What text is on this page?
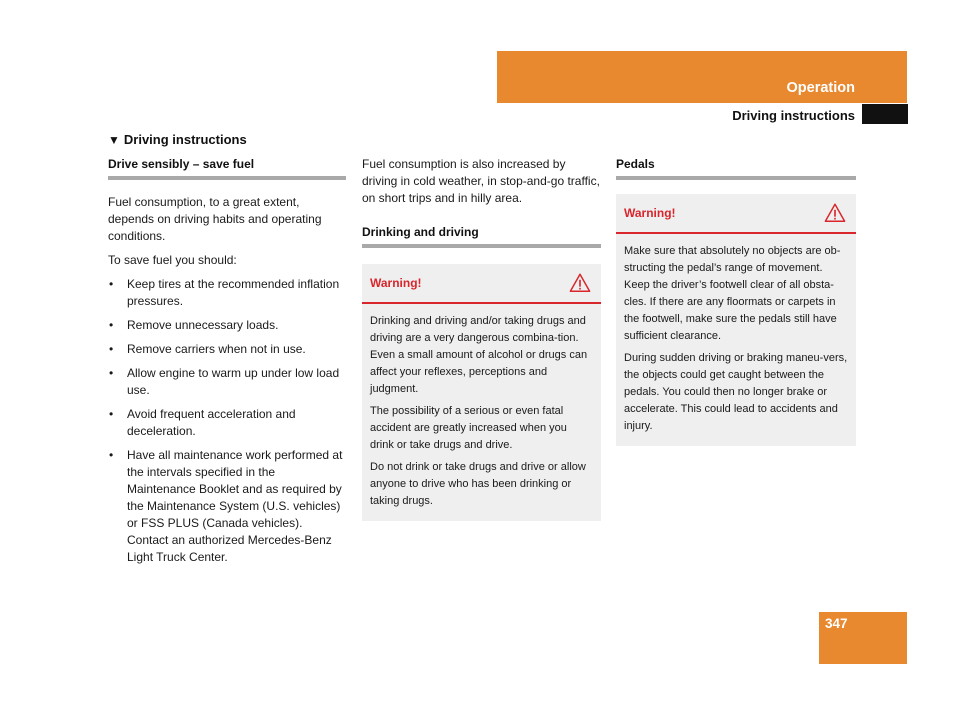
Operation
Driving instructions
▼ Driving instructions
Drive sensibly – save fuel

Fuel consumption, to a great extent, depends on driving habits and operating conditions.

To save fuel you should:

• Keep tires at the recommended inflation pressures.
• Remove unnecessary loads.
• Remove carriers when not in use.
• Allow engine to warm up under low load use.
• Avoid frequent acceleration and deceleration.
• Have all maintenance work performed at the intervals specified in the Maintenance Booklet and as required by the Maintenance System (U.S. vehicles) or FSS PLUS (Canada vehicles). Contact an authorized Mercedes-Benz Light Truck Center.

Fuel consumption is also increased by driving in cold weather, in stop-and-go traffic, on short trips and in hilly area.

Drinking and driving
Warning!

Drinking and driving and/or taking drugs and driving are a very dangerous combina-tion. Even a small amount of alcohol or drugs can affect your reflexes, perceptions and judgment.

The possibility of a serious or even fatal accident are greatly increased when you drink or take drugs and drive.

Do not drink or take drugs and drive or allow anyone to drive who has been drinking or taking drugs.

Pedals
Warning!

Make sure that absolutely no objects are ob-structing the pedal’s range of movement. Keep the driver’s footwell clear of all obsta-cles. If there are any floormats or carpets in the footwell, make sure the pedals still have sufficient clearance.

During sudden driving or braking maneu-vers, the objects could get caught between the pedals. You could then no longer brake or accelerate. This could lead to accidents and injury.

347
